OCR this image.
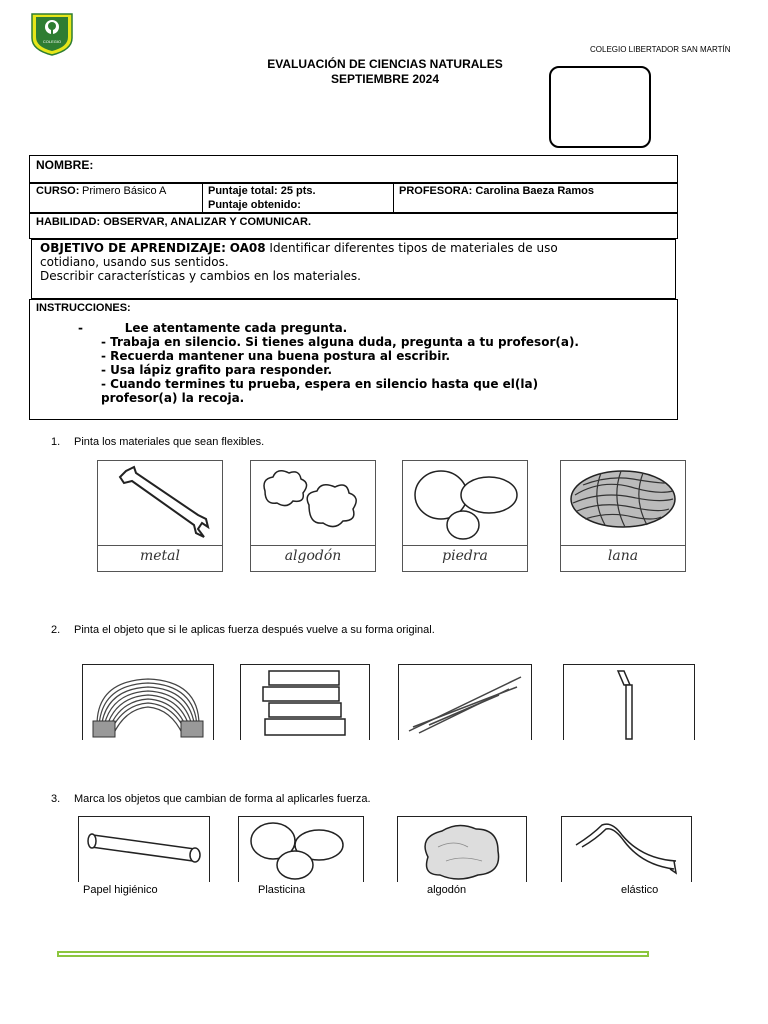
COLEGIO
COLEGIO LIBERTADOR SAN MARTÍN
EVALUACIÓN DE CIENCIAS NATURALES
SEPTIEMBRE 2024
NOMBRE:
CURSO: Primero Básico A	Puntaje total: 25 pts.
Puntaje obtenido:
PROFESORA: Carolina Baeza Ramos
HABILIDAD: OBSERVAR, ANALIZAR Y COMUNICAR.
OBJETIVO DE APRENDIZAJE: OA08 Identificar diferentes tipos de materiales de uso
cotidiano, usando sus sentidos.
Describir características y cambios en los materiales.
INSTRUCCIONES:
-          Lee atentamente cada pregunta.
- Trabaja en silencio. Si tienes alguna duda, pregunta a tu profesor(a).
- Recuerda mantener una buena postura al escribir.
- Usa lápiz grafito para responder.
- Cuando termines tu prueba, espera en silencio hasta que el(la)
profesor(a) la recoja.
1. Pinta los materiales que sean flexibles.
metal	algodón	piedra	lana
2. Pinta el objeto que si le aplicas fuerza después vuelve a su forma original.
3. Marca los objetos que cambian de forma al aplicarles fuerza.
Papel higiénico	Plasticina	algodón	elástico
